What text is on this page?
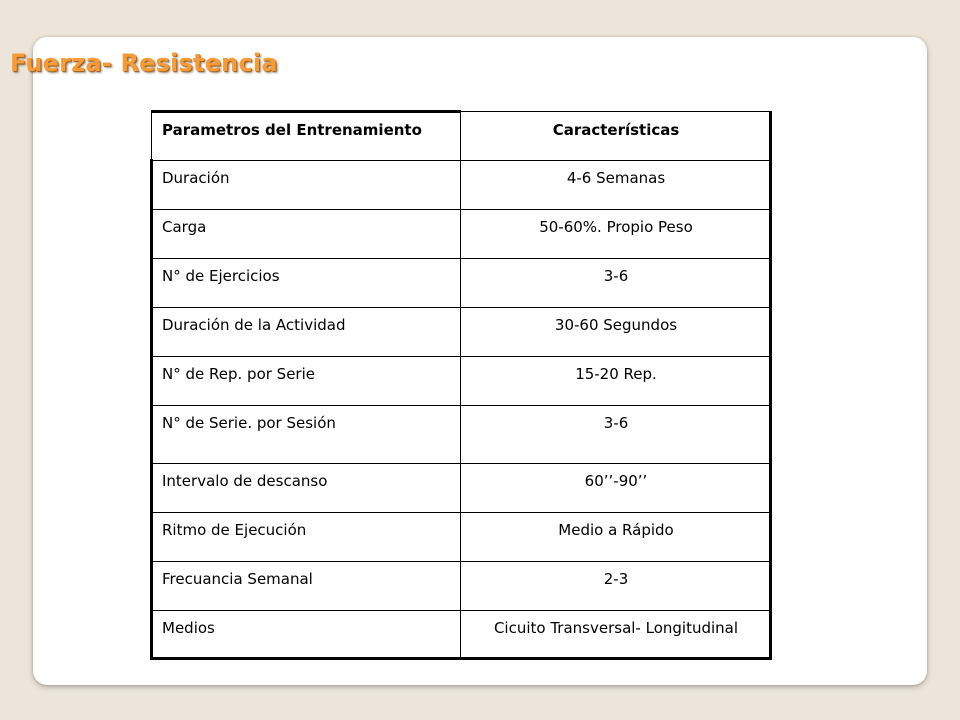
Fuerza- Resistencia
Parametros del Entrenamiento	Características
Duración	4-6 Semanas
Carga	50-60%. Propio Peso
N° de Ejercicios	3-6
Duración de la Actividad	30-60 Segundos
N° de Rep. por Serie	15-20 Rep.
N° de Serie. por Sesión	3-6
Intervalo de descanso	60’’-90’’
Ritmo de Ejecución	Medio a Rápido
Frecuancia Semanal	2-3
Medios	Cicuito Transversal- Longitudinal
